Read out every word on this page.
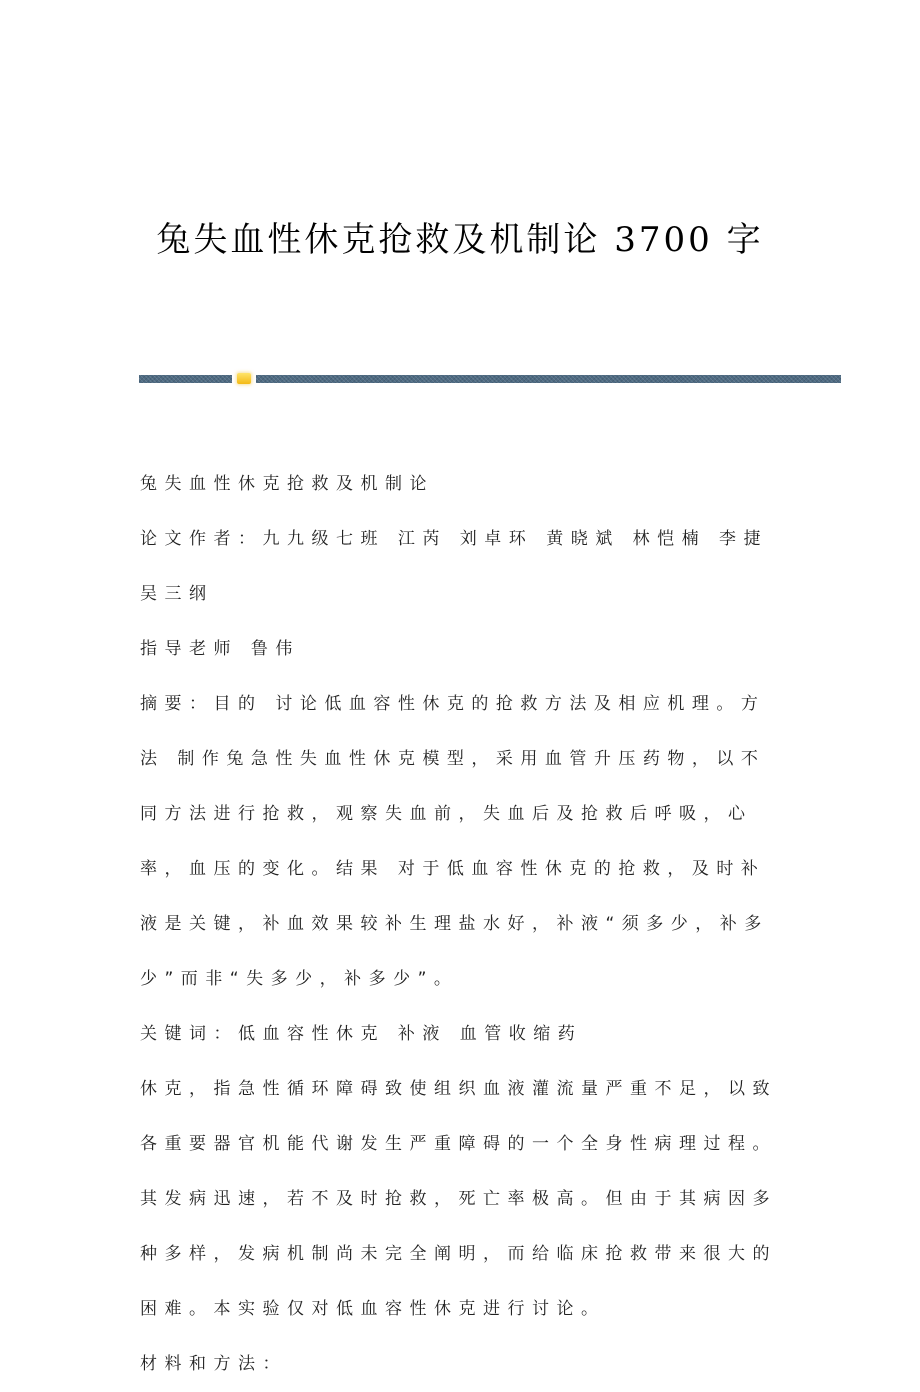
兔失血性休克抢救及机制论 3700 字

兔失血性休克抢救及机制论

论文作者：九九级七班 江芮 刘卓环 黄晓斌 林恺楠 李捷 吴三纲

指导老师 鲁伟

摘要：目的 讨论低血容性休克的抢救方法及相应机理。方法 制作兔急性失血性休克模型，采用血管升压药物，以不同方法进行抢救，观察失血前，失血后及抢救后呼吸，心率，血压的变化。结果 对于低血容性休克的抢救，及时补液是关键，补血效果较补生理盐水好，补液“须多少，补多少”而非“失多少，补多少”。

关键词：低血容性休克 补液 血管收缩药

休克，指急性循环障碍致使组织血液灌流量严重不足，以致各重要器官机能代谢发生严重障碍的一个全身性病理过程。其发病迅速，若不及时抢救，死亡率极高。但由于其病因多种多样，发病机制尚未完全阐明，而给临床抢救带来很大的困难。本实验仅对低血容性休克进行讨论。

材料和方法：
